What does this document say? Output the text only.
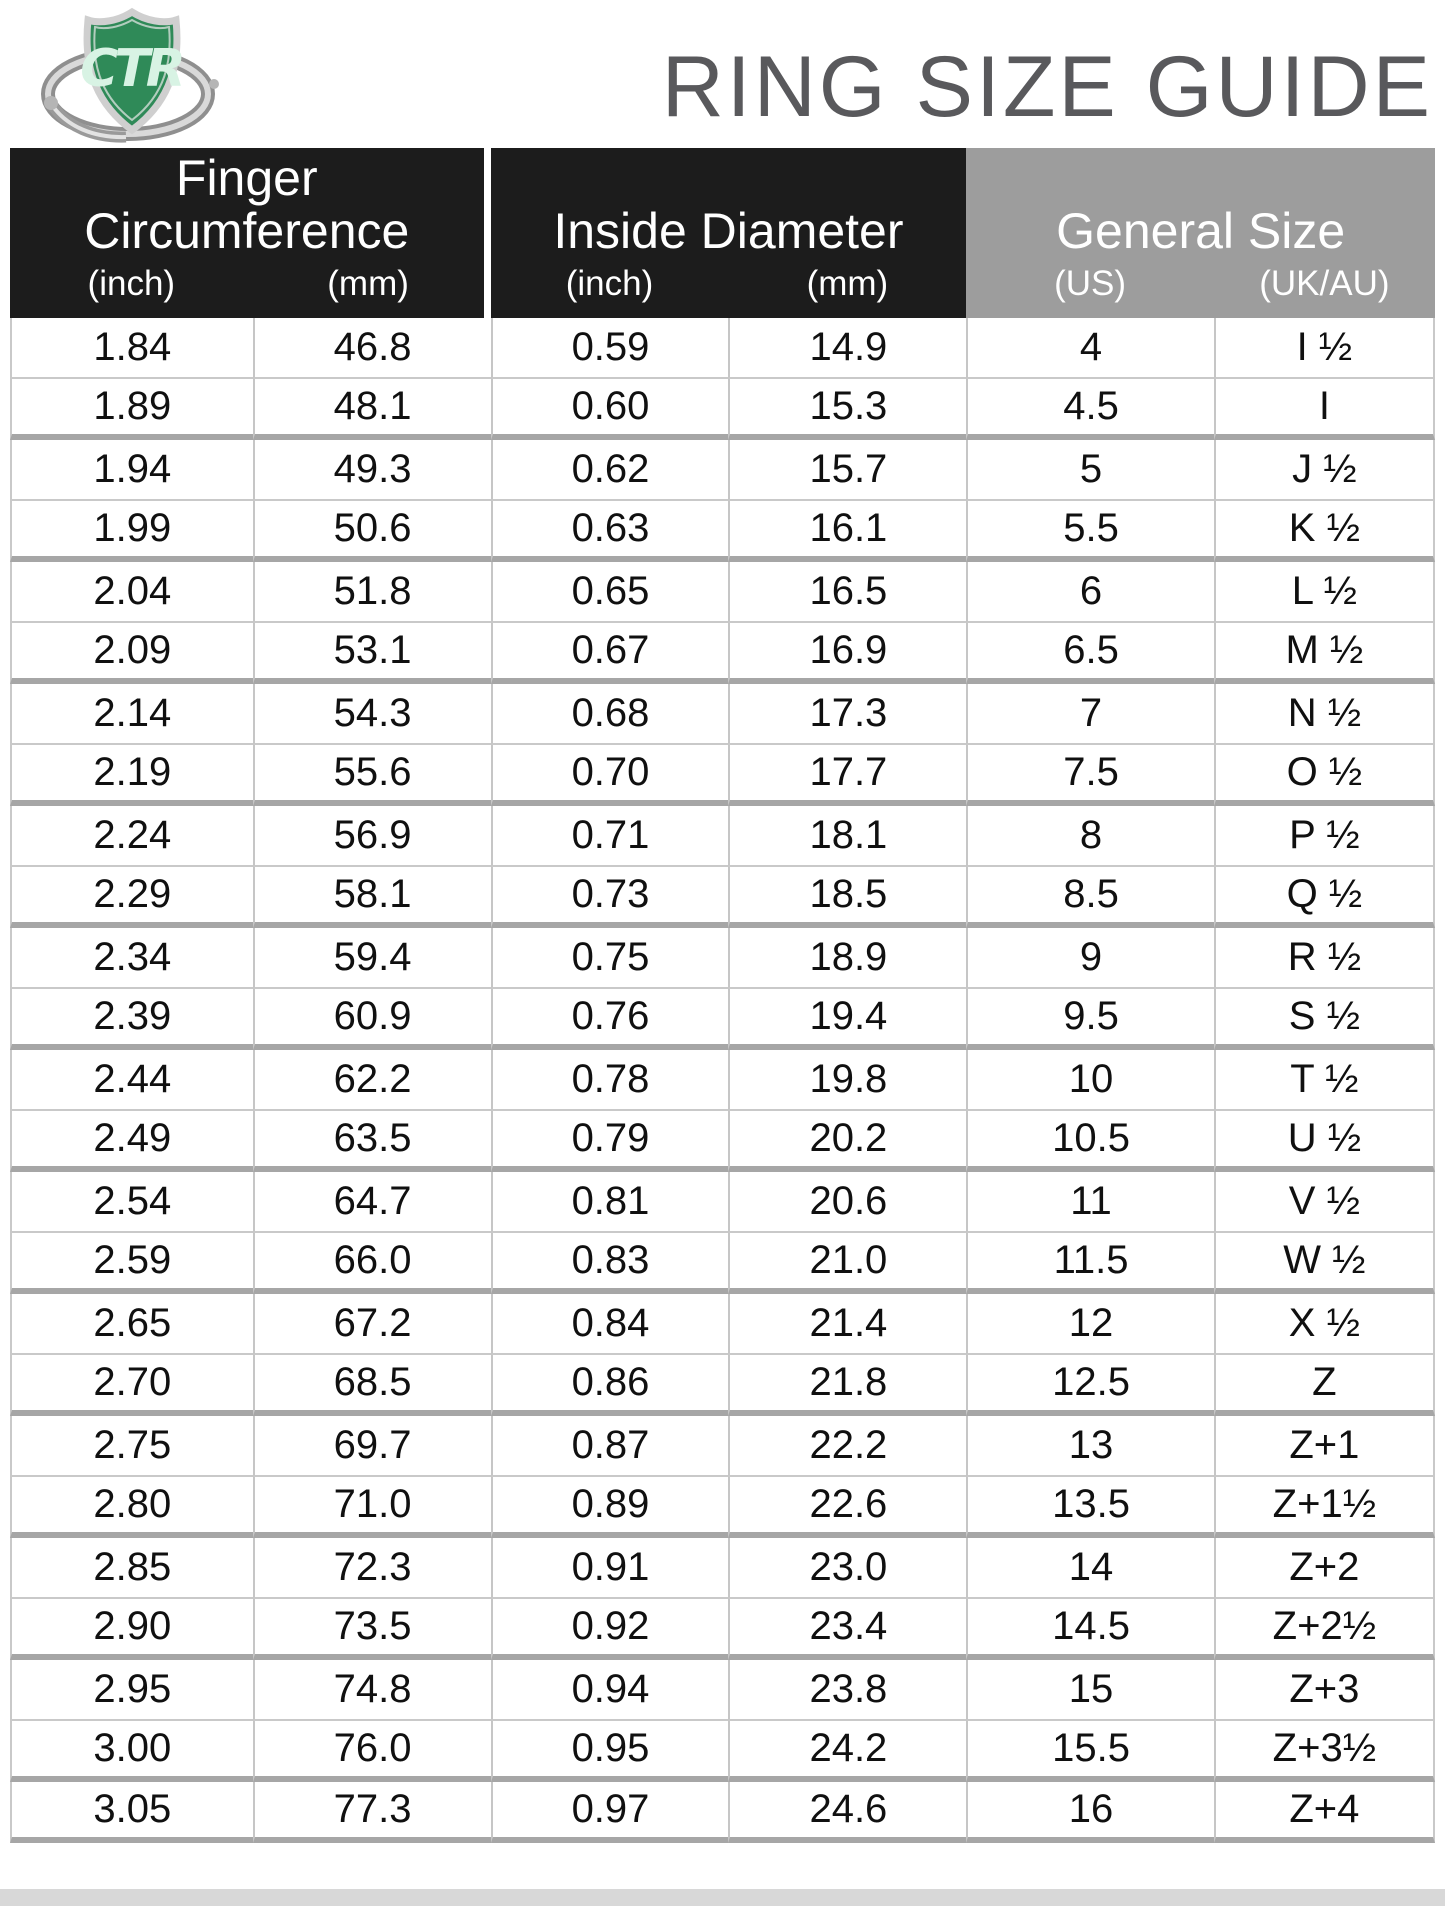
CTR	RING SIZE GUIDE
Finger Circumference	Inside Diameter	General Size
(inch)	(mm)	(inch)	(mm)	(US)	(UK/AU)
1.84	46.8	0.59	14.9	4	I ½
1.89	48.1	0.60	15.3	4.5	I
1.94	49.3	0.62	15.7	5	J ½
1.99	50.6	0.63	16.1	5.5	K ½
2.04	51.8	0.65	16.5	6	L ½
2.09	53.1	0.67	16.9	6.5	M ½
2.14	54.3	0.68	17.3	7	N ½
2.19	55.6	0.70	17.7	7.5	O ½
2.24	56.9	0.71	18.1	8	P ½
2.29	58.1	0.73	18.5	8.5	Q ½
2.34	59.4	0.75	18.9	9	R ½
2.39	60.9	0.76	19.4	9.5	S ½
2.44	62.2	0.78	19.8	10	T ½
2.49	63.5	0.79	20.2	10.5	U ½
2.54	64.7	0.81	20.6	11	V ½
2.59	66.0	0.83	21.0	11.5	W ½
2.65	67.2	0.84	21.4	12	X ½
2.70	68.5	0.86	21.8	12.5	Z
2.75	69.7	0.87	22.2	13	Z+1
2.80	71.0	0.89	22.6	13.5	Z+1½
2.85	72.3	0.91	23.0	14	Z+2
2.90	73.5	0.92	23.4	14.5	Z+2½
2.95	74.8	0.94	23.8	15	Z+3
3.00	76.0	0.95	24.2	15.5	Z+3½
3.05	77.3	0.97	24.6	16	Z+4
